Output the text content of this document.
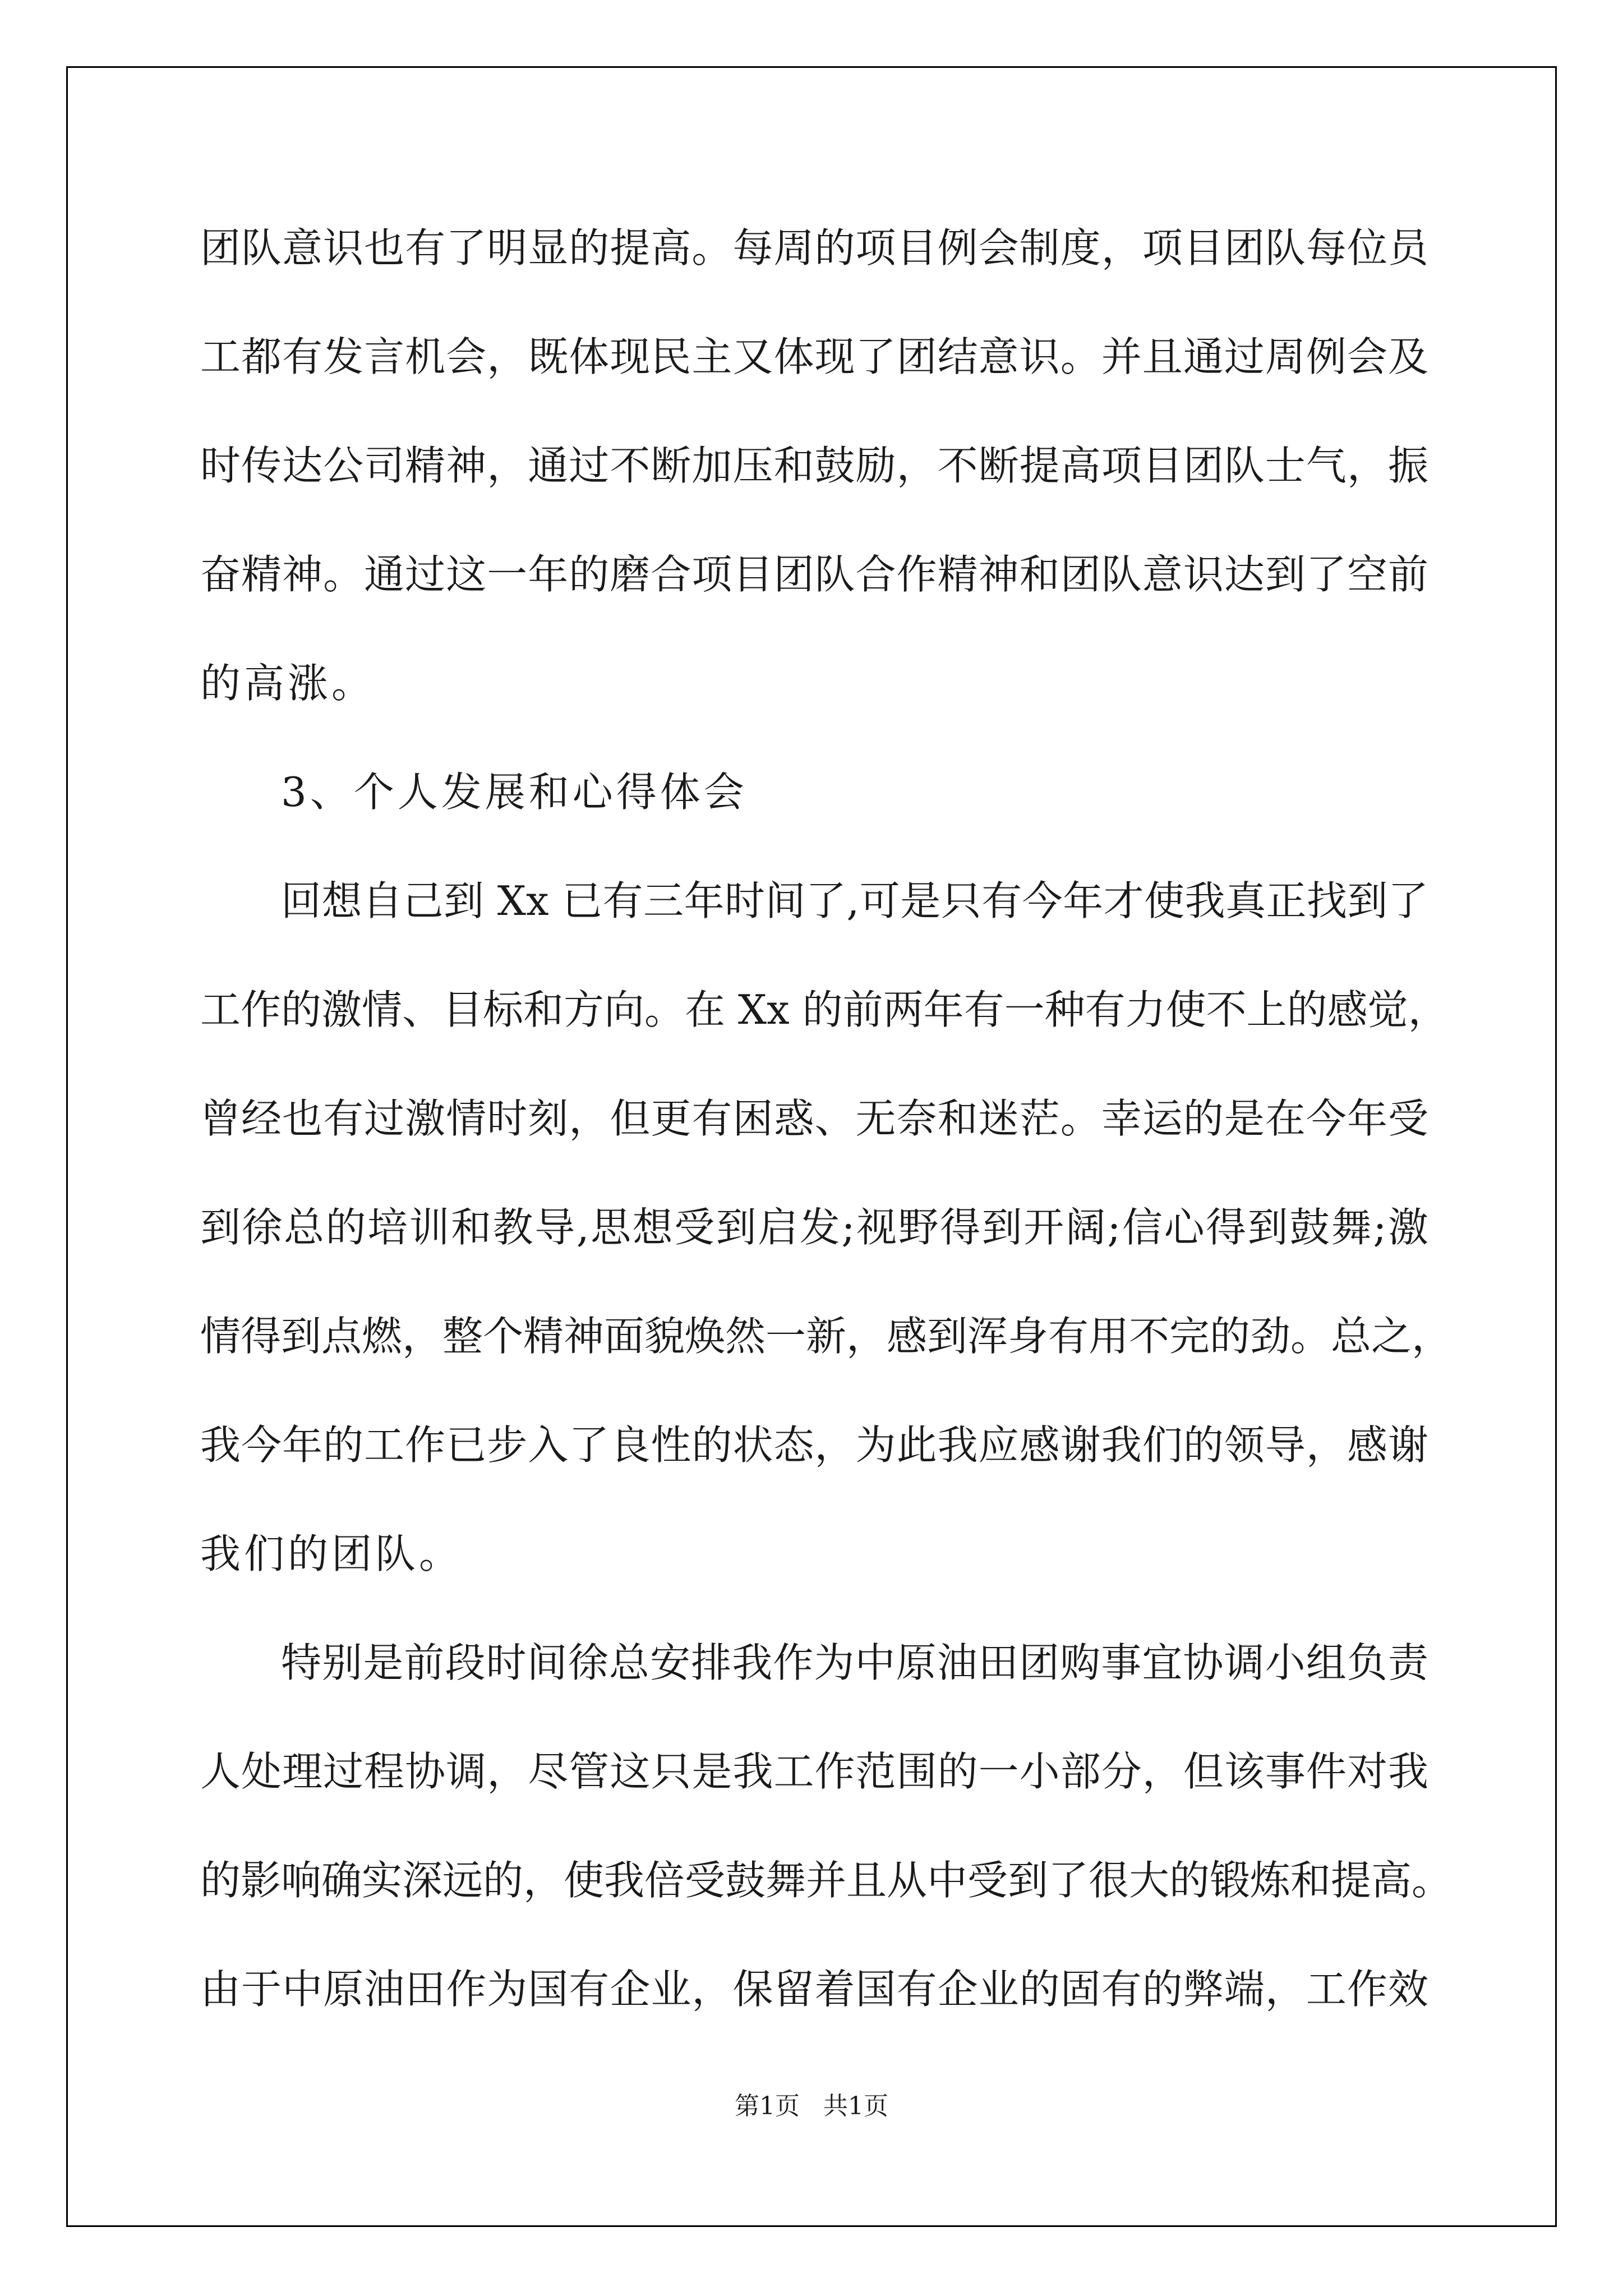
团队意识也有了明显的提高。每周的项目例会制度，项目团队每位员
工都有发言机会，既体现民主又体现了团结意识。并且通过周例会及
时传达公司精神，通过不断加压和鼓励，不断提高项目团队士气，振
奋精神。通过这一年的磨合项目团队合作精神和团队意识达到了空前
的高涨。
3、个人发展和心得体会
回想自己到 Xx 已有三年时间了,可是只有今年才使我真正找到了
工作的激情、目标和方向。在 Xx 的前两年有一种有力使不上的感觉，
曾经也有过激情时刻，但更有困惑、无奈和迷茫。幸运的是在今年受
到徐总的培训和教导,思想受到启发;视野得到开阔;信心得到鼓舞;激
情得到点燃，整个精神面貌焕然一新，感到浑身有用不完的劲。总之，
我今年的工作已步入了良性的状态，为此我应感谢我们的领导，感谢
我们的团队。
特别是前段时间徐总安排我作为中原油田团购事宜协调小组负责
人处理过程协调，尽管这只是我工作范围的一小部分，但该事件对我
的影响确实深远的，使我倍受鼓舞并且从中受到了很大的锻炼和提高。
由于中原油田作为国有企业，保留着国有企业的固有的弊端，工作效
第1页   共1页
